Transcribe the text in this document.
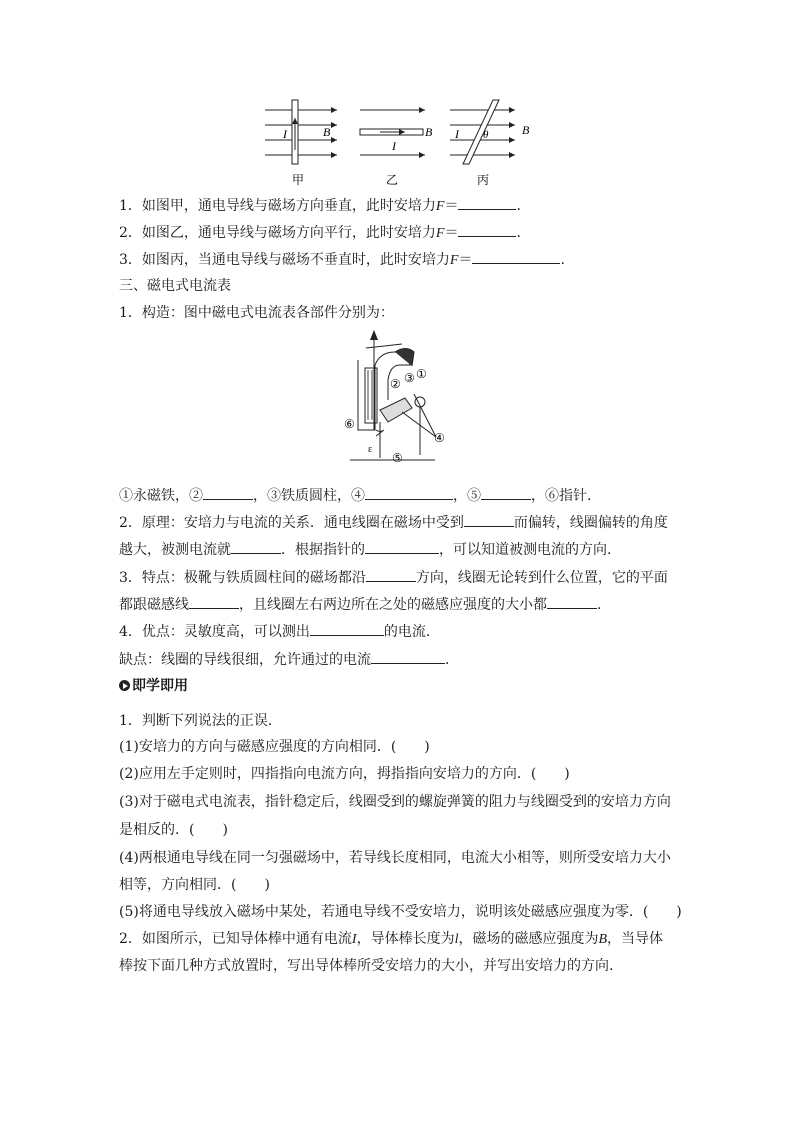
I	B	B
I
I θ	B
甲	乙	丙
1．如图甲，通电导线与磁场方向垂直，此时安培力F＝	.
2．如图乙，通电导线与磁场方向平行，此时安培力F＝	.
3．如图丙，当通电导线与磁场不垂直时，此时安培力F＝	.
三、磁电式电流表
1．构造：图中磁电式电流表各部件分别为：
ε
①
③
②
④
⑤
⑥
①永磁铁，②	，③铁质圆柱，④	，⑤	，⑥指针.
2．原理：安培力与电流的关系．通电线圈在磁场中受到	而偏转，线圈偏转的角度
越大，被测电流就	．根据指针的	，可以知道被测电流的方向.
3．特点：极靴与铁质圆柱间的磁场都沿	方向，线圈无论转到什么位置，它的平面
都跟磁感线	，且线圈左右两边所在之处的磁感应强度的大小都	.
4．优点：灵敏度高，可以测出	的电流.
缺点：线圈的导线很细，允许通过的电流	.
即学即用
1．判断下列说法的正误．
(1)安培力的方向与磁感应强度的方向相同．(　　)
(2)应用左手定则时，四指指向电流方向，拇指指向安培力的方向．(　　)
(3)对于磁电式电流表，指针稳定后，线圈受到的螺旋弹簧的阻力与线圈受到的安培力方向
是相反的．(　　)
(4)两根通电导线在同一匀强磁场中，若导线长度相同，电流大小相等，则所受安培力大小
相等，方向相同．(　　)
(5)将通电导线放入磁场中某处，若通电导线不受安培力，说明该处磁感应强度为零．(　　)
2．如图所示，已知导体棒中通有电流I，导体棒长度为l，磁场的磁感应强度为B，当导体
棒按下面几种方式放置时，写出导体棒所受安培力的大小，并写出安培力的方向.
